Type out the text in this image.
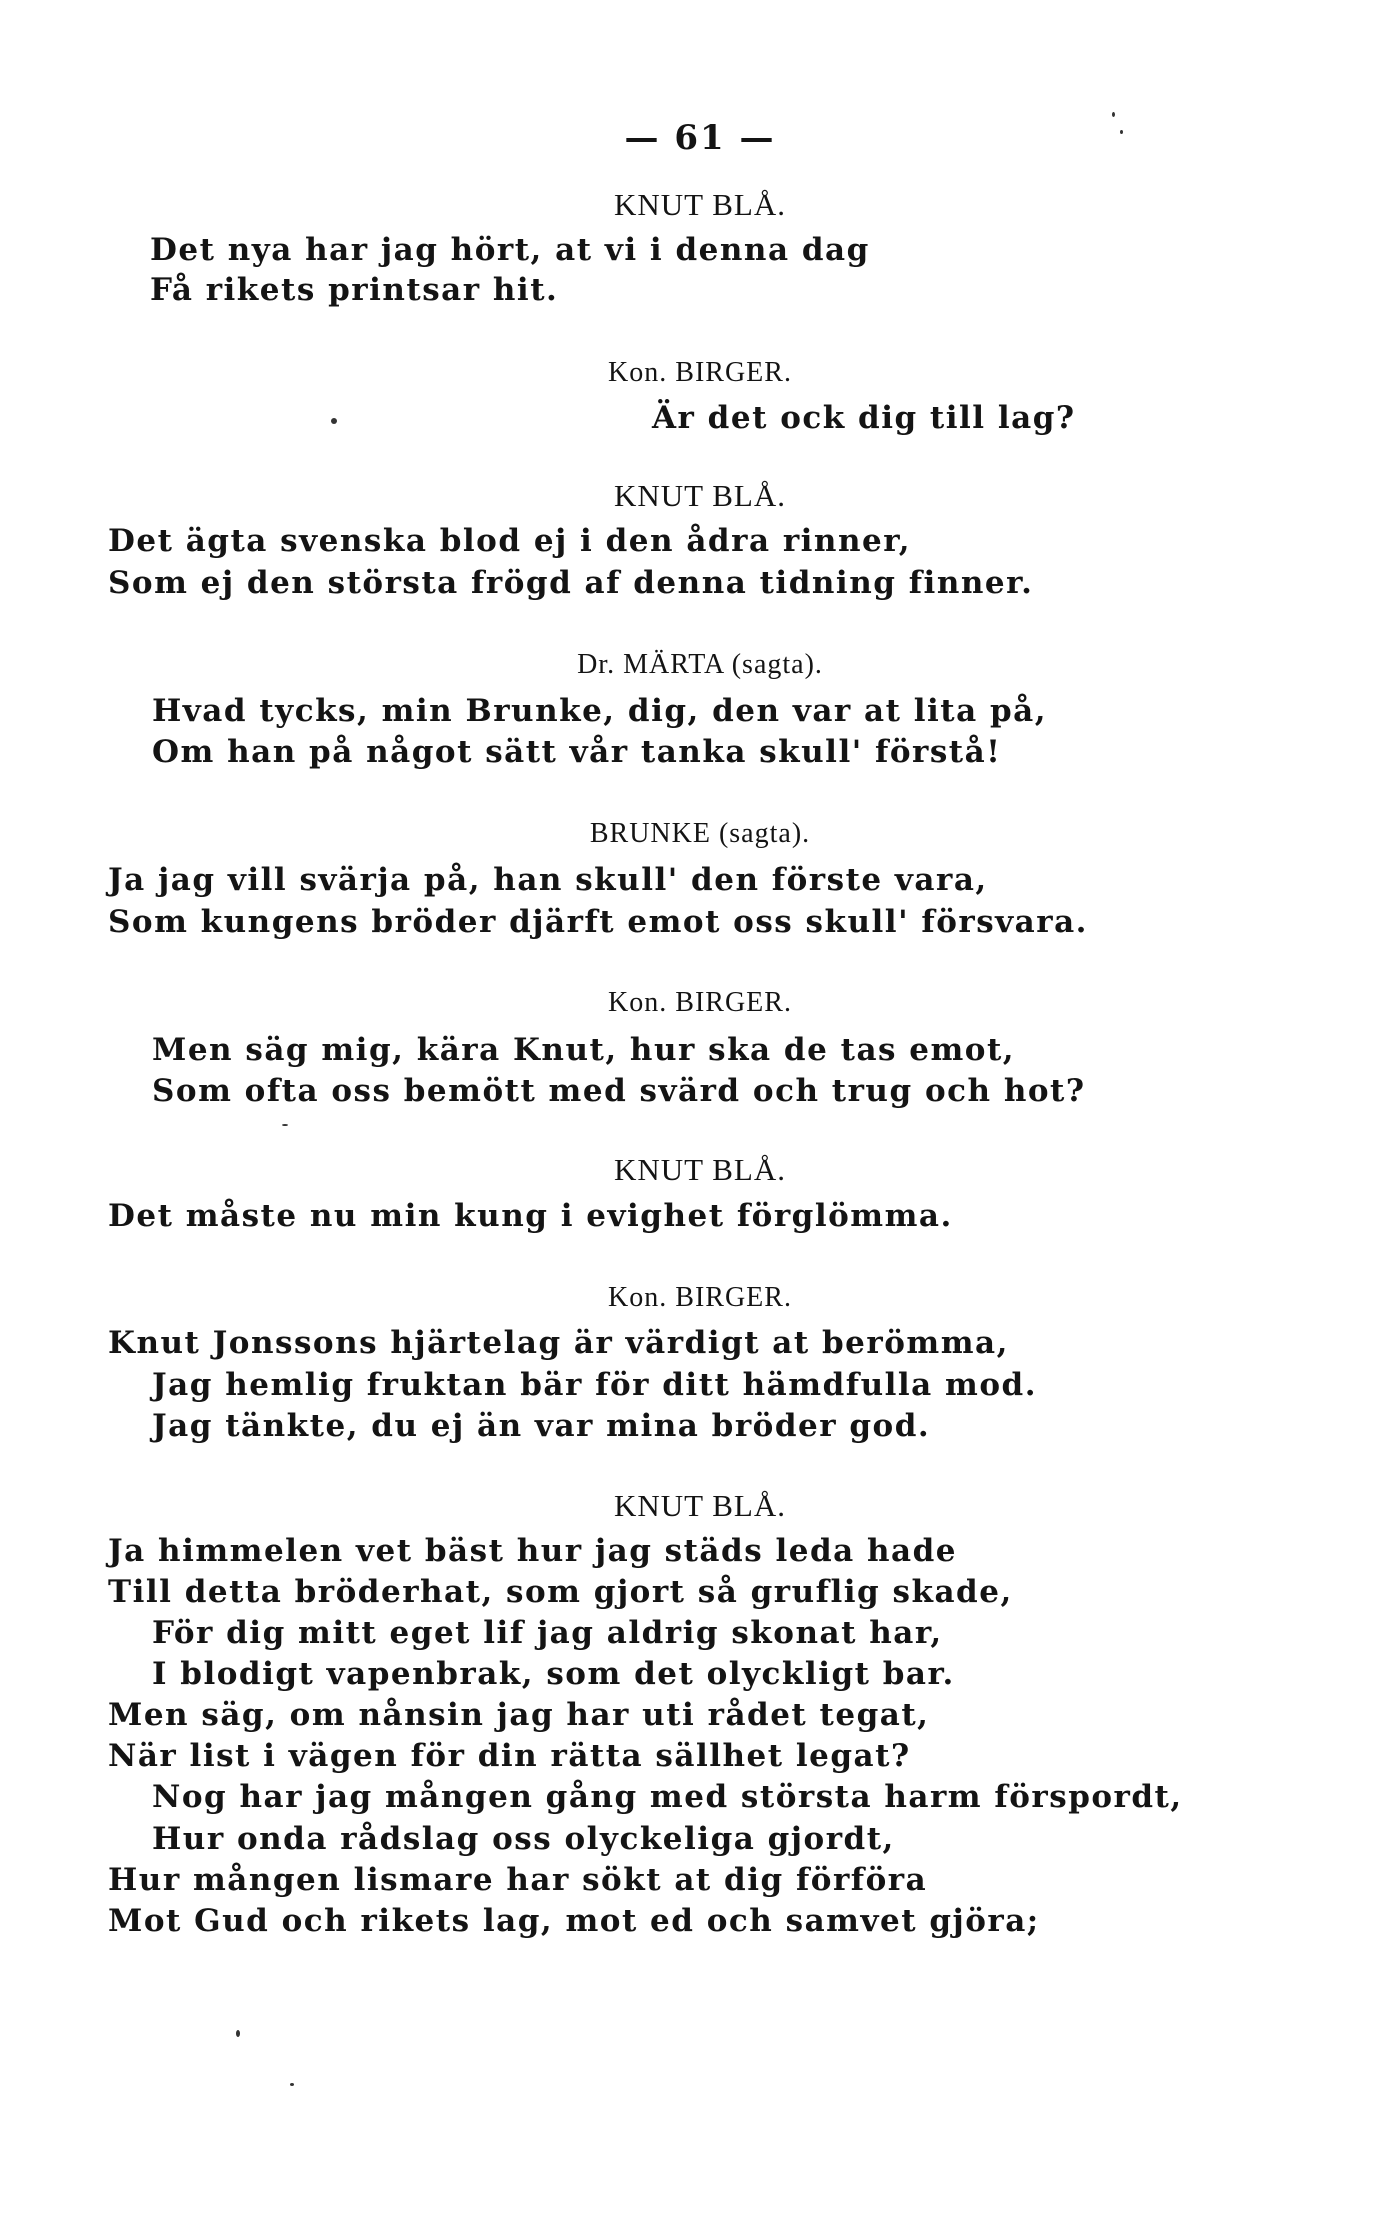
— 61 —
KNUT BLÅ.
Det nya har jag hört, at vi i denna dag
Få rikets printsar hit.
Kon. BIRGER.
Är det ock dig till lag?
KNUT BLÅ.
Det ägta svenska blod ej i den ådra rinner,
Som ej den största frögd af denna tidning finner.
Dr. MÄRTA (sagta).
Hvad tycks, min Brunke, dig, den var at lita på,
Om han på något sätt vår tanka skull' förstå!
BRUNKE (sagta).
Ja jag vill svärja på, han skull' den förste vara,
Som kungens bröder djärft emot oss skull' försvara.
Kon. BIRGER.
Men säg mig, kära Knut, hur ska de tas emot,
Som ofta oss bemött med svärd och trug och hot?
KNUT BLÅ.
Det måste nu min kung i evighet förglömma.
Kon. BIRGER.
Knut Jonssons hjärtelag är värdigt at berömma,
Jag hemlig fruktan bär för ditt hämdfulla mod.
Jag tänkte, du ej än var mina bröder god.
KNUT BLÅ.
Ja himmelen vet bäst hur jag städs leda hade
Till detta bröderhat, som gjort så gruflig skade,
För dig mitt eget lif jag aldrig skonat har,
I blodigt vapenbrak, som det olyckligt bar.
Men säg, om nånsin jag har uti rådet tegat,
När list i vägen för din rätta sällhet legat?
Nog har jag mången gång med största harm förspordt,
Hur onda rådslag oss olyckeliga gjordt,
Hur mången lismare har sökt at dig förföra
Mot Gud och rikets lag, mot ed och samvet gjöra;
